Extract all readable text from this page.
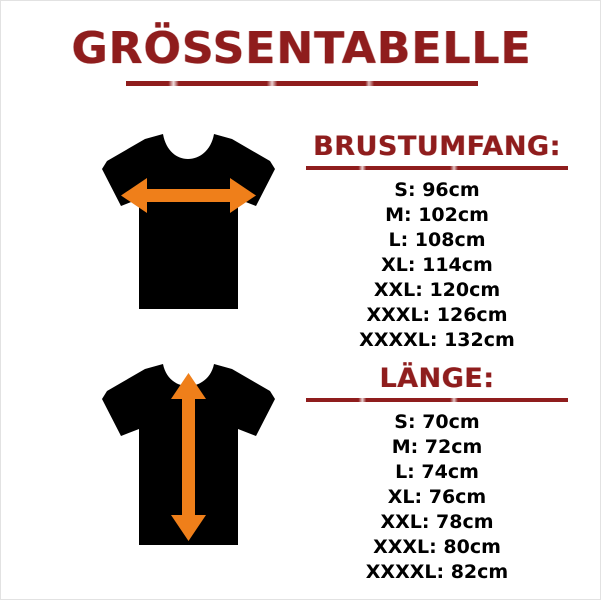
GRÖSSENTABELLE
BRUSTUMFANG:
S: 96cm
M: 102cm
L: 108cm
XL: 114cm
XXL: 120cm
XXXL: 126cm
XXXXL: 132cm
LÄNGE:
S: 70cm
M: 72cm
L: 74cm
XL: 76cm
XXL: 78cm
XXXL: 80cm
XXXXL: 82cm
